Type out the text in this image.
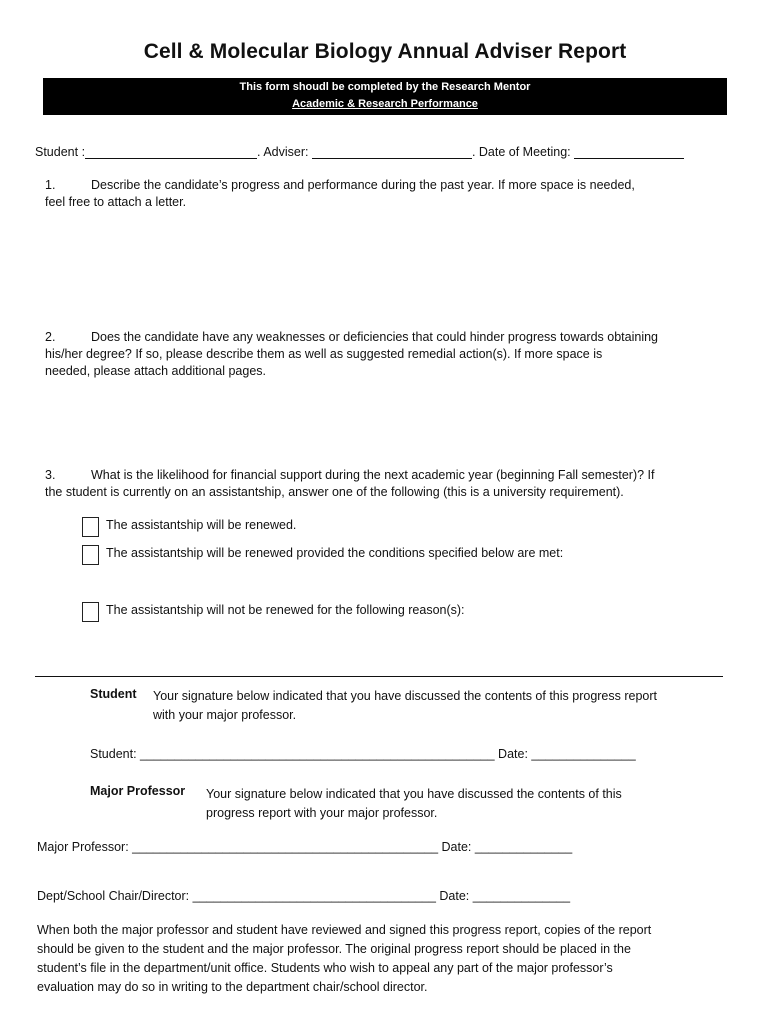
Cell & Molecular Biology Annual Adviser Report
This form shoudl be completed by the Research Mentor
Academic & Research Performance
Student :	. Adviser:	. Date of Meeting:
1.	Describe the candidate’s progress and performance during the past year. If more space is needed,
feel free to attach a letter.
2.	Does the candidate have any weaknesses or deficiencies that could hinder progress towards obtaining
his/her degree? If so, please describe them as well as suggested remedial action(s). If more space is
needed, please attach additional pages.
3.	What is the likelihood for financial support during the next academic year (beginning Fall semester)? If
the student is currently on an assistantship, answer one of the following (this is a university requirement).
The assistantship will be renewed.
The assistantship will be renewed provided the conditions specified below are met:
The assistantship will not be renewed for the following reason(s):
Student Your signature below indicated that you have discussed the contents of this progress report
with your major professor.
Student: ___________________________________________________ Date: _______________
Major Professor Your signature below indicated that you have discussed the contents of this
progress report with your major professor.
Major Professor: ____________________________________________ Date: ______________
Dept/School Chair/Director: ___________________________________ Date: ______________
When both the major professor and student have reviewed and signed this progress report, copies of the report
should be given to the student and the major professor. The original progress report should be placed in the
student’s file in the department/unit office. Students who wish to appeal any part of the major professor’s
evaluation may do so in writing to the department chair/school director.
